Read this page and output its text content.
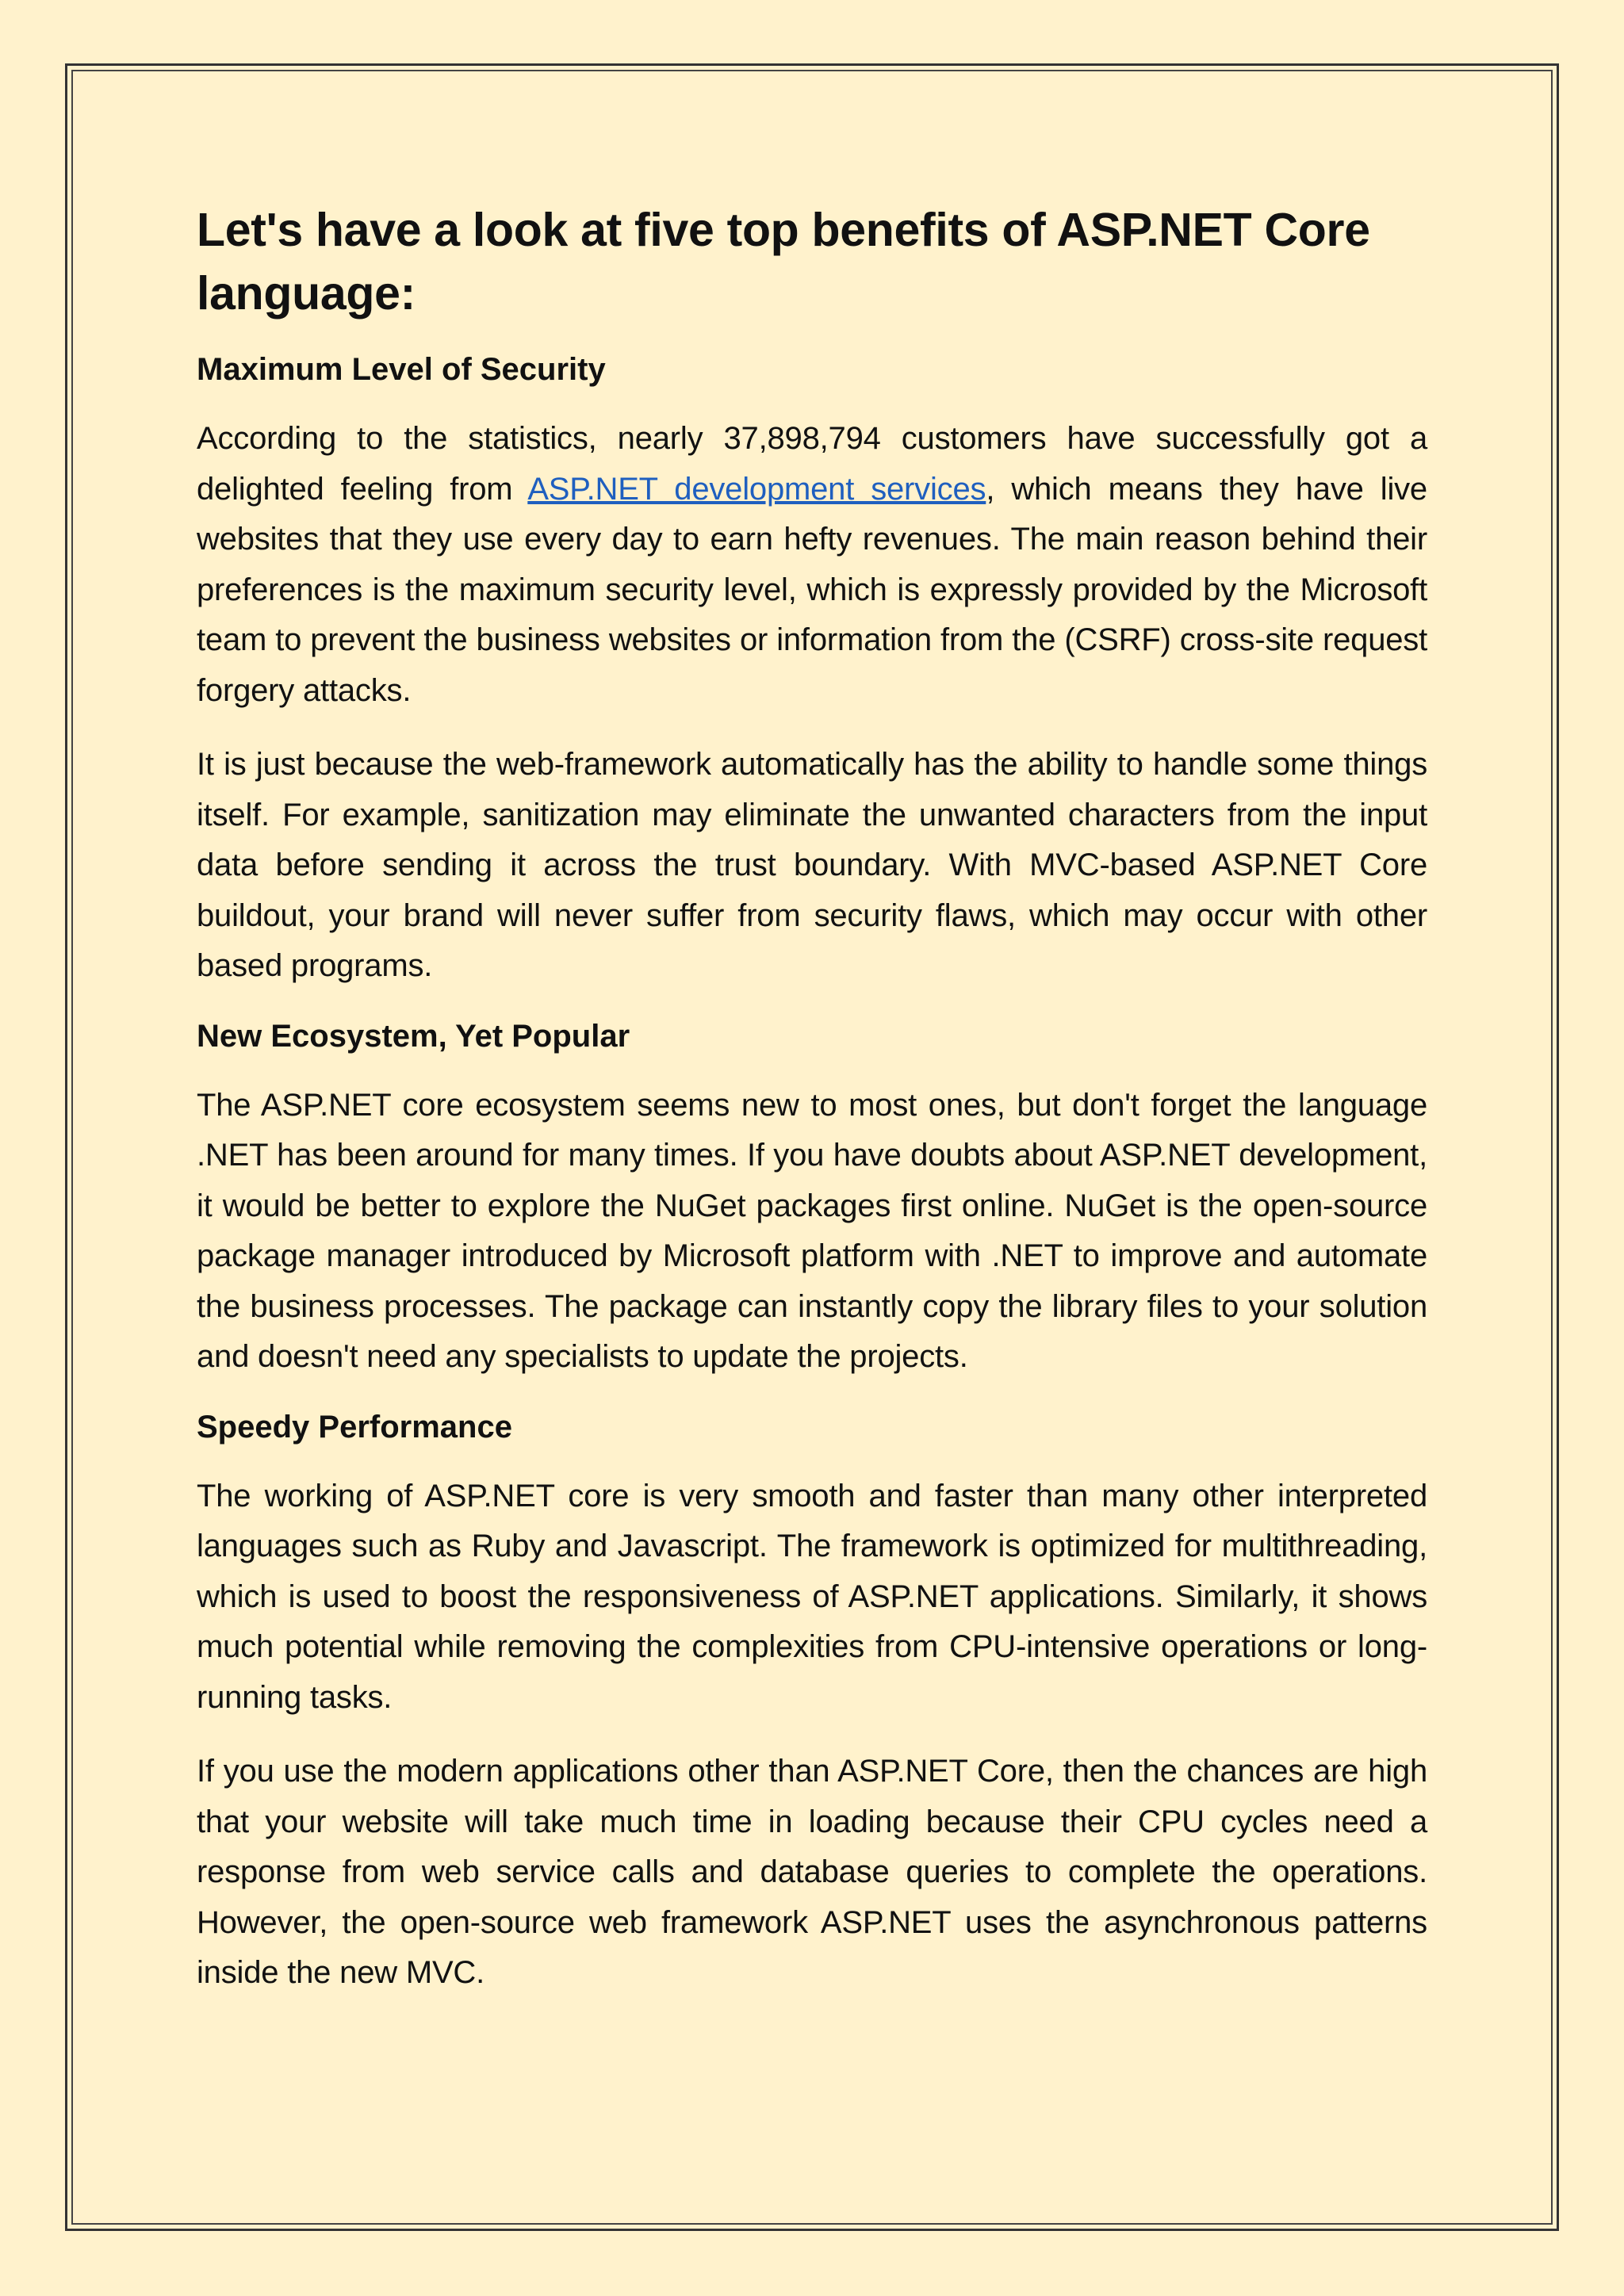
Let's have a look at five top benefits of ASP.NET Core language:
Maximum Level of Security

According to the statistics, nearly 37,898,794 customers have successfully got a delighted feeling from ASP.NET development services, which means they have live websites that they use every day to earn hefty revenues. The main reason behind their preferences is the maximum security level, which is expressly provided by the Microsoft team to prevent the business websites or information from the (CSRF) cross-site request forgery attacks.

It is just because the web-framework automatically has the ability to handle some things itself. For example, sanitization may eliminate the unwanted characters from the input data before sending it across the trust boundary. With MVC-based ASP.NET Core buildout, your brand will never suffer from security flaws, which may occur with other based programs.

New Ecosystem, Yet Popular

The ASP.NET core ecosystem seems new to most ones, but don't forget the language .NET has been around for many times. If you have doubts about ASP.NET development, it would be better to explore the NuGet packages first online. NuGet is the open-source package manager introduced by Microsoft platform with .NET to improve and automate the business processes. The package can instantly copy the library files to your solution and doesn't need any specialists to update the projects.

Speedy Performance

The working of ASP.NET core is very smooth and faster than many other interpreted languages such as Ruby and Javascript. The framework is optimized for multithreading, which is used to boost the responsiveness of ASP.NET applications. Similarly, it shows much potential while removing the complexities from CPU-intensive operations or long-running tasks.

If you use the modern applications other than ASP.NET Core, then the chances are high that your website will take much time in loading because their CPU cycles need a response from web service calls and database queries to complete the operations. However, the open-source web framework ASP.NET uses the asynchronous patterns inside the new MVC.
